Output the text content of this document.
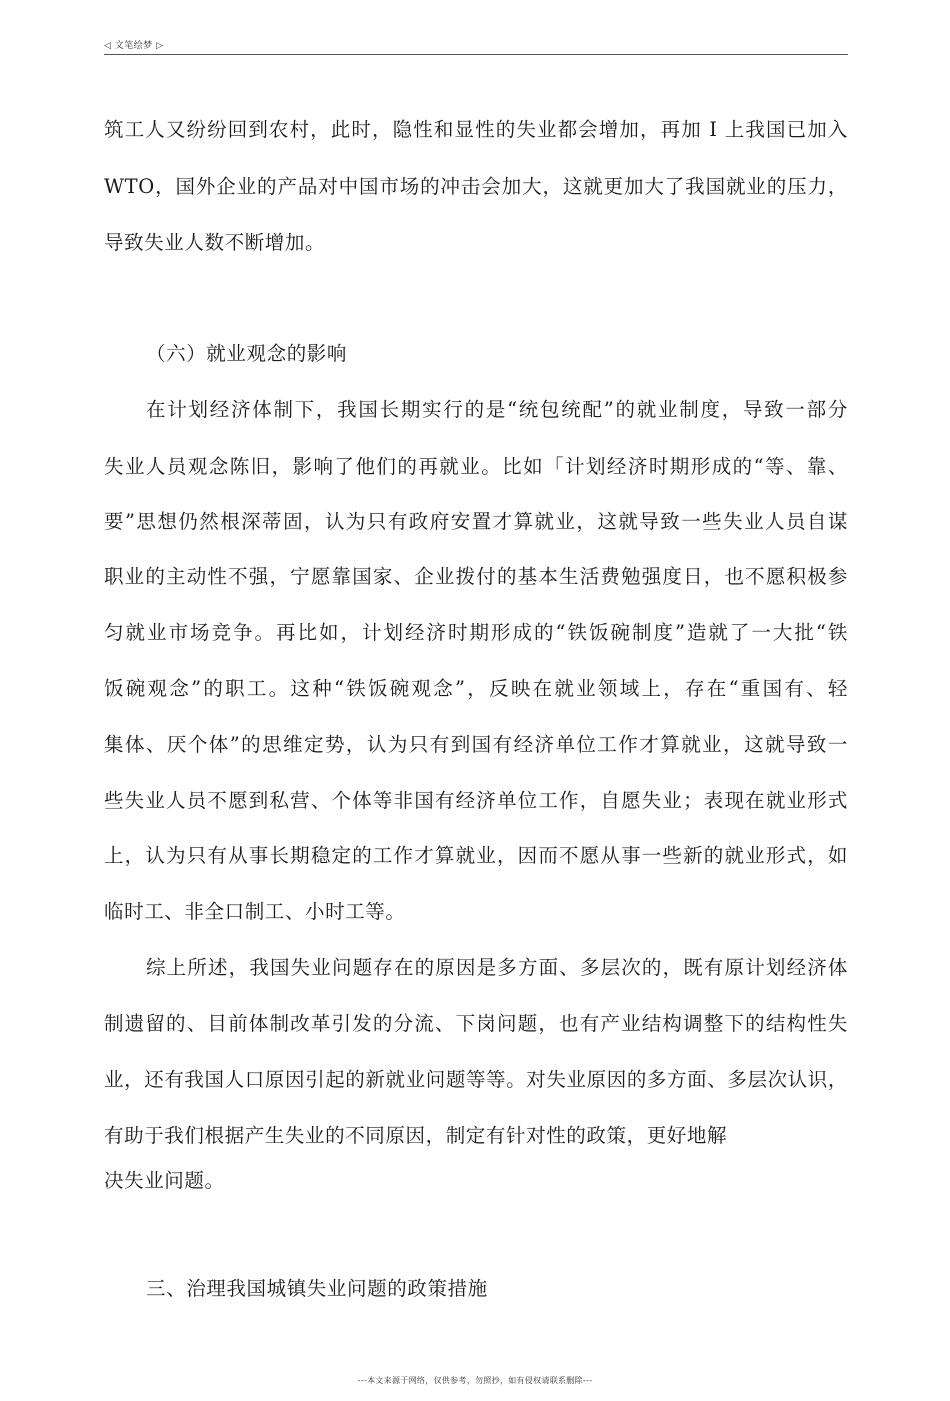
◁ 文笔绘梦 ▷
筑工人又纷纷回到农村，此时，隐性和显性的失业都会增加，再加 I 上我国已加入
WTO，国外企业的产品对中国市场的冲击会加大，这就更加大了我国就业的压力，
导致失业人数不断增加。
（六）就业观念的影响
在计划经济体制下，我国长期实行的是“统包统配”的就业制度，导致一部分
失业人员观念陈旧，影响了他们的再就业。比如「计划经济时期形成的“等、靠、
要”思想仍然根深蒂固，认为只有政府安置才算就业，这就导致一些失业人员自谋
职业的主动性不强，宁愿靠国家、企业拨付的基本生活费勉强度日，也不愿积极参
匀就业市场竞争。再比如，计划经济时期形成的“铁饭碗制度”造就了一大批“铁
饭碗观念”的职工。这种“铁饭碗观念”，反映在就业领域上，存在“重国有、轻
集体、厌个体”的思维定势，认为只有到国有经济单位工作才算就业，这就导致一
些失业人员不愿到私营、个体等非国有经济单位工作，自愿失业；表现在就业形式
上，认为只有从事长期稳定的工作才算就业，因而不愿从事一些新的就业形式，如
临时工、非全口制工、小时工等。
综上所述，我国失业问题存在的原因是多方面、多层次的，既有原计划经济体
制遗留的、目前体制改革引发的分流、下岗问题，也有产业结构调整下的结构性失
业，还有我国人口原因引起的新就业问题等等。对失业原因的多方面、多层次认识，
有助于我们根据产生失业的不同原因，制定有针对性的政策，更好地解
决失业问题。
三、治理我国城镇失业问题的政策措施
---本文来源于网络，仅供参考，勿照抄，如有侵权请联系删除---
